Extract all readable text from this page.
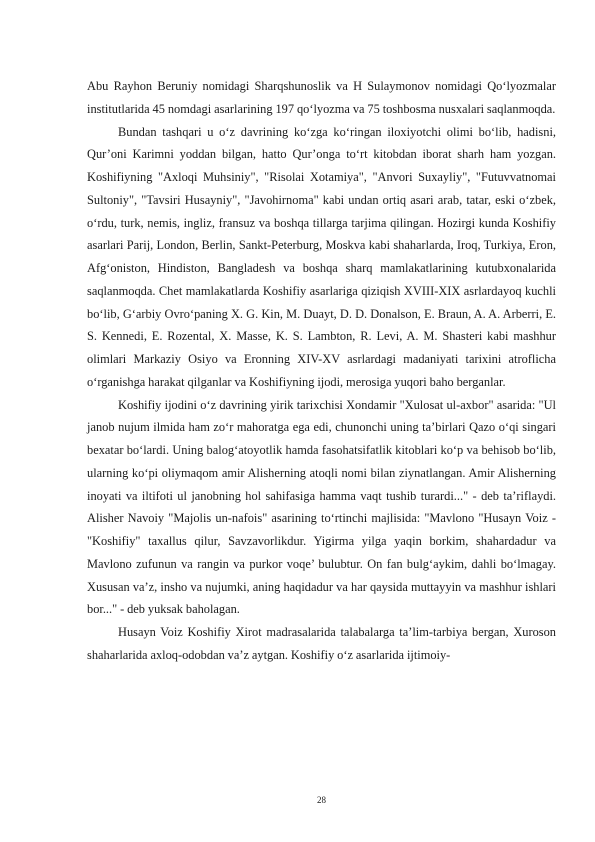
Abu Rayhon Beruniy nomidagi Sharqshunoslik va H Sulaymonov nomidagi Qo‘lyozmalar institutlarida 45 nomdagi asarlarining 197 qo‘lyozma va 75 toshbosma nusxalari saqlanmoqda.

Bundan tashqari u o‘z davrining ko‘zga ko‘ringan iloxiyotchi olimi bo‘lib, hadisni, Qur’oni Karimni yoddan bilgan, hatto Qur’onga to‘rt kitobdan iborat sharh ham yozgan. Koshifiyning "Axloqi Muhsiniy", "Risolai Xotamiya", "Anvori Suxayliy", "Futuvvatnomai Sultoniy", "Tavsiri Husayniy", "Javohirnoma" kabi undan ortiq asari arab, tatar, eski o‘zbek, o‘rdu, turk, nemis, ingliz, fransuz va boshqa tillarga tarjima qilingan. Hozirgi kunda Koshifiy asarlari Parij, London, Berlin, Sankt-Peterburg, Moskva kabi shaharlarda, Iroq, Turkiya, Eron, Afg‘oniston, Hindiston, Bangladesh va boshqa sharq mamlakatlarining kutubxonalarida saqlanmoqda. Chet mamlakatlarda Koshifiy asarlariga qiziqish XVIII-XIX asrlardayoq kuchli bo‘lib, G‘arbiy Ovro‘paning X. G. Kin, M. Duayt, D. D. Donalson, E. Braun, A. A. Arberri, E. S. Kennedi, E. Rozental, X. Masse, K. S. Lambton, R. Levi, A. M. Shasteri kabi mashhur olimlari Markaziy Osiyo va Eronning XIV-XV asrlardagi madaniyati tarixini atroflicha o‘rganishga harakat qilganlar va Koshifiyning ijodi, merosiga yuqori baho berganlar.

Koshifiy ijodini o‘z davrining yirik tarixchisi Xondamir "Xulosat ul-axbor" asarida: "Ul janob nujum ilmida ham zo‘r mahoratga ega edi, chunonchi uning ta’birlari Qazo o‘qi singari bexatar bo‘lardi. Uning balog‘atoyotlik hamda fasohatsifatlik kitoblari ko‘p va behisob bo‘lib, ularning ko‘pi oliymaqom amir Alisherning atoqli nomi bilan ziynatlangan. Amir Alisherning inoyati va iltifoti ul janobning hol sahifasiga hamma vaqt tushib turardi..." - deb ta’riflaydi. Alisher Navoiy "Majolis un-nafois" asarining to‘rtinchi majlisida: "Mavlono "Husayn Voiz - "Koshifiy" taxallus qilur, Savzavorlikdur. Yigirma yilga yaqin borkim, shahardadur va Mavlono zufunun va rangin va purkor voqe’ bulubtur. On fan bulg‘aykim, dahli bo‘lmagay. Xususan va’z, insho va nujumki, aning haqidadur va har qaysida muttayyin va mashhur ishlari bor..." - deb yuksak baholagan.

Husayn Voiz Koshifiy Xirot madrasalarida talabalarga ta’lim-tarbiya bergan, Xuroson shaharlarida axloq-odobdan va’z aytgan. Koshifiy o‘z asarlarida ijtimoiy-

28
